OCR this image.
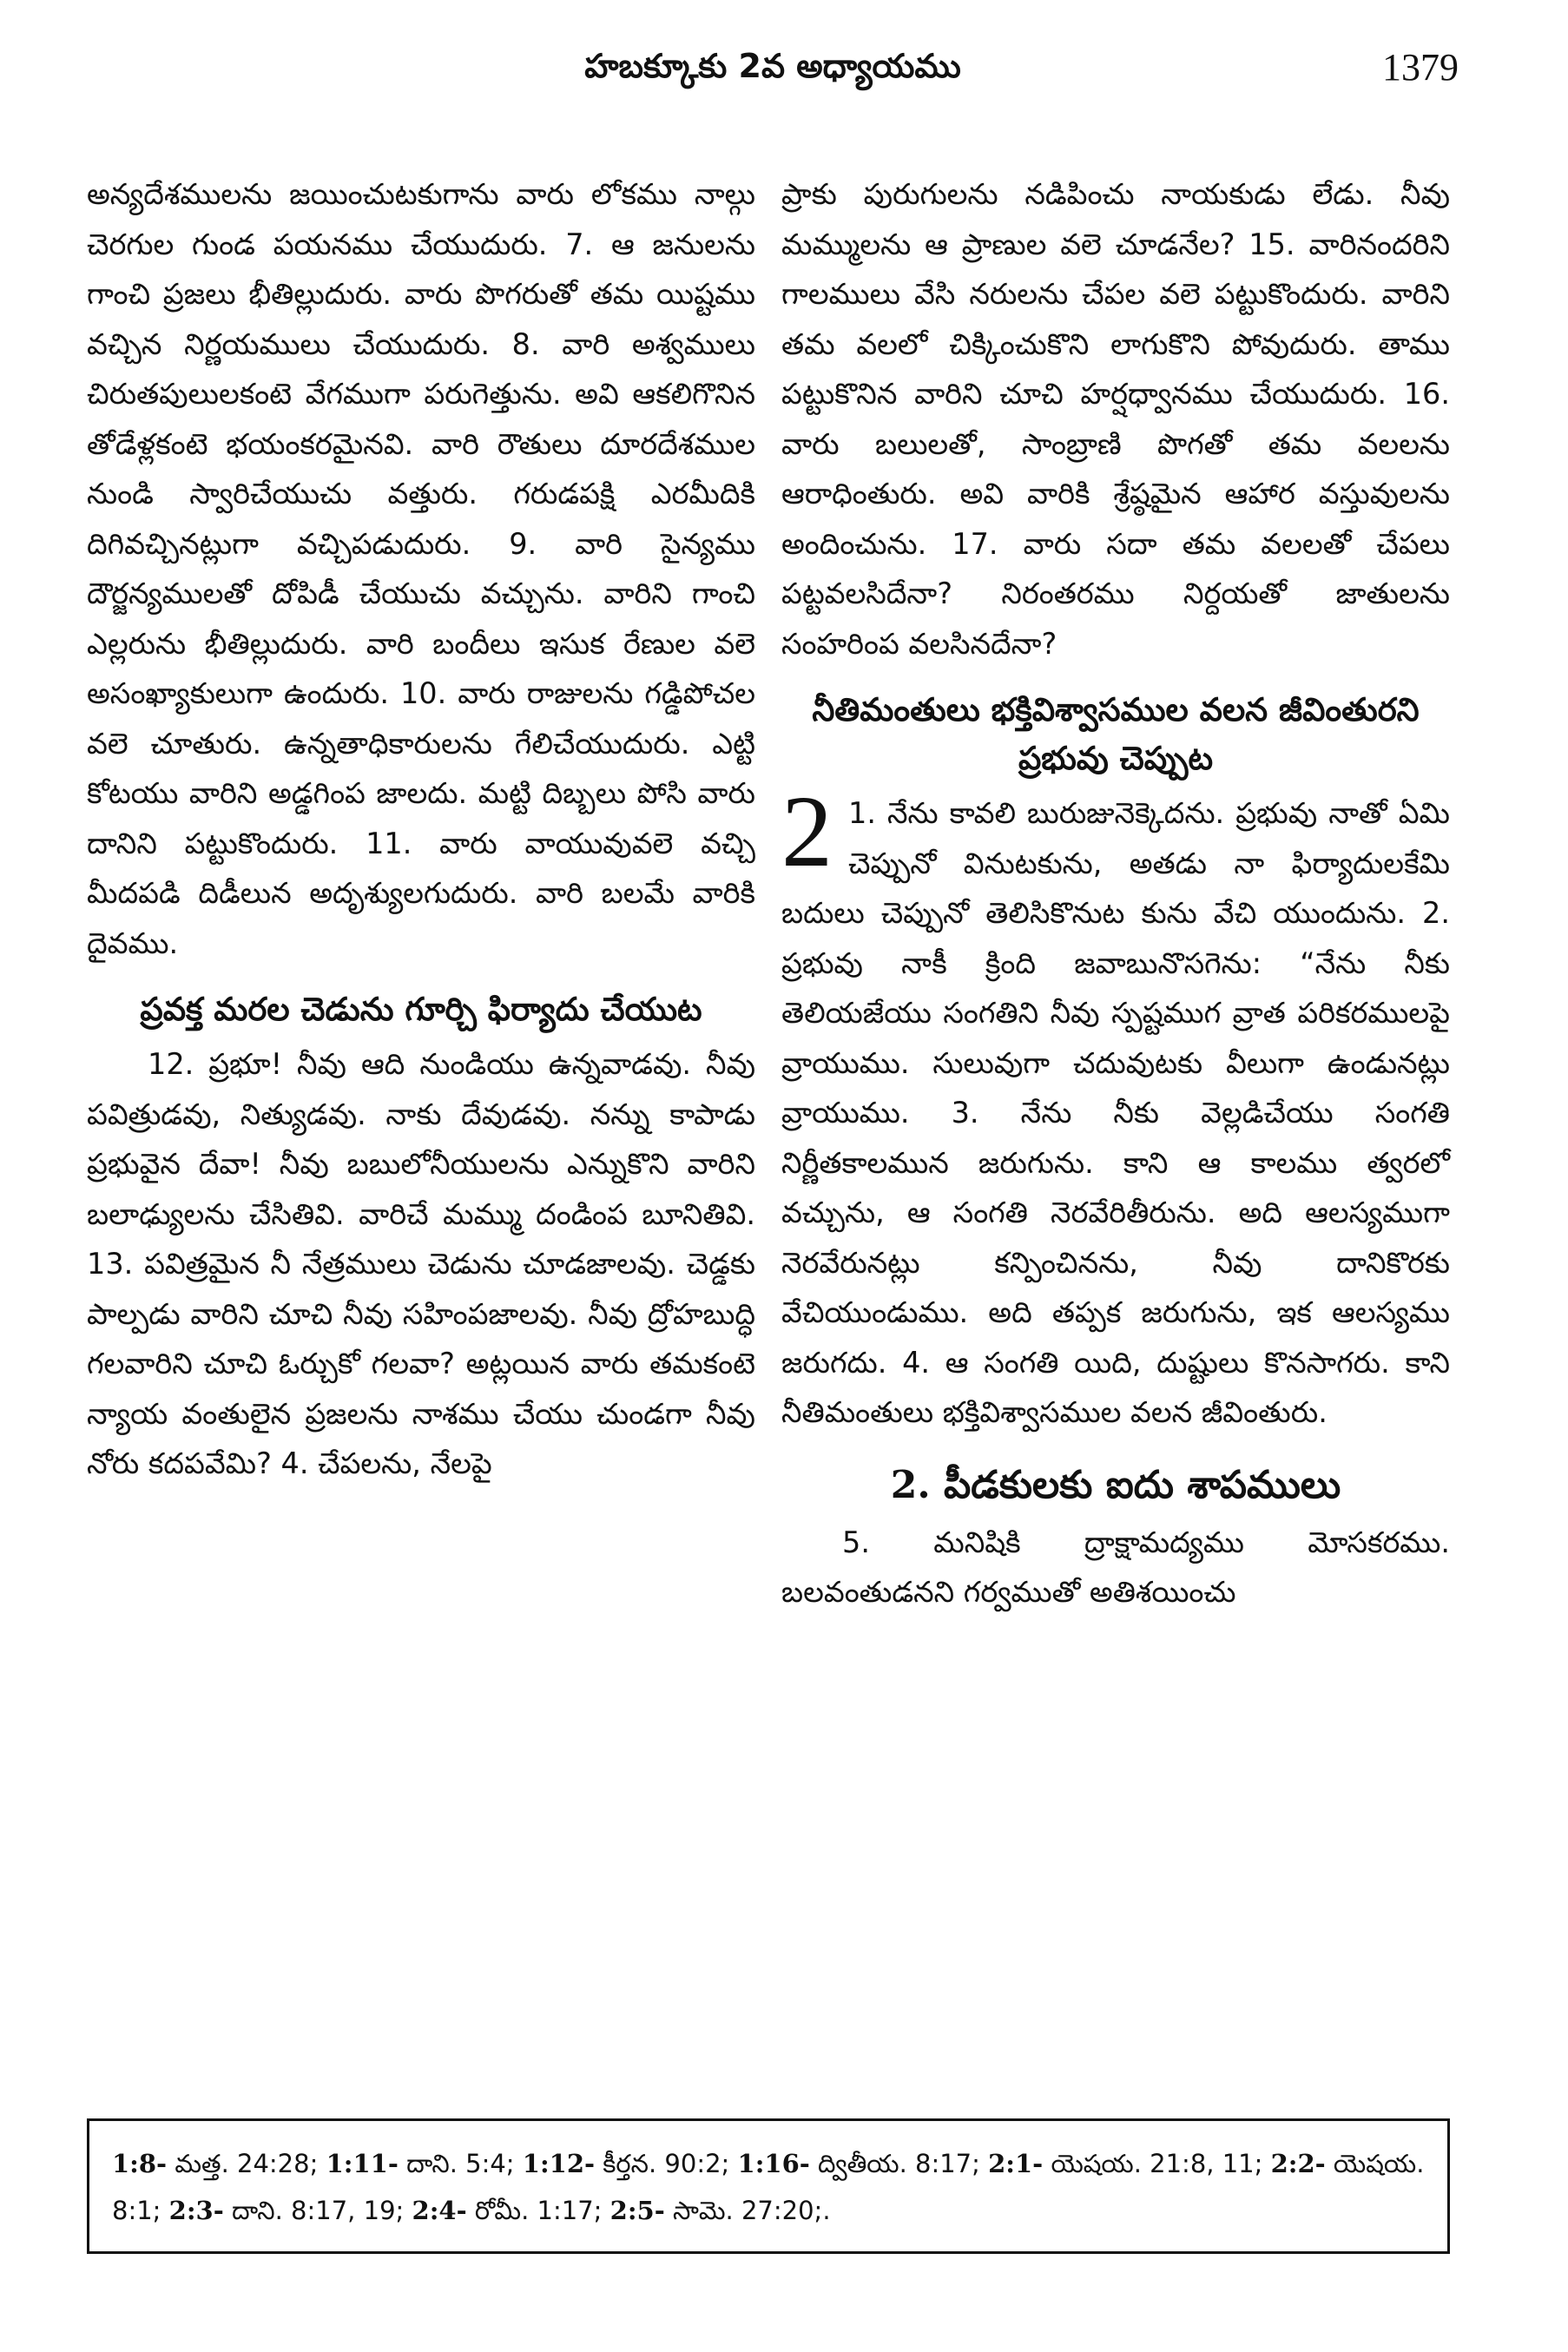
హబక్కూకు 2వ అధ్యాయము	1379

అన్యదేశములను జయించుటకుగాను వారు లోకము నాల్గు చెరగుల గుండ పయనము చేయుదురు. 7. ఆ జనులను గాంచి ప్రజలు భీతిల్లుదురు. వారు పొగరుతో తమ యిష్టము వచ్చిన నిర్ణయములు చేయుదురు. 8. వారి అశ్వములు చిరుతపులులకంటె వేగముగా పరుగెత్తును. అవి ఆకలిగొనిన తోడేళ్లకంటె భయంకరమైనవి. వారి రౌతులు దూరదేశముల నుండి స్వారిచేయుచు వత్తురు. గరుడపక్షి ఎరమీదికి దిగివచ్చినట్లుగా వచ్చిపడుదురు. 9. వారి సైన్యము దౌర్జన్యములతో దోపిడీ చేయుచు వచ్చును. వారిని గాంచి ఎల్లరును భీతిల్లుదురు. వారి బందీలు ఇసుక రేణుల వలె అసంఖ్యాకులుగా ఉందురు. 10. వారు రాజులను గడ్డిపోచల వలె చూతురు. ఉన్నతాధికారులను గేలిచేయుదురు. ఎట్టి కోటయు వారిని అడ్డగింప జాలదు. మట్టి దిబ్బలు పోసి వారు దానిని పట్టుకొందురు. 11. వారు వాయువువలె వచ్చి మీదపడి దిడీలున అదృశ్యులగుదురు. వారి బలమే వారికి దైవము.

ప్రవక్త మరల చెడును గూర్చి ఫిర్యాదు చేయుట

12. ప్రభూ! నీవు ఆది నుండియు ఉన్నవాడవు. నీవు పవిత్రుడవు, నిత్యుడవు. నాకు దేవుడవు. నన్ను కాపాడు ప్రభువైన దేవా! నీవు బబులోనీయులను ఎన్నుకొని వారిని బలాఢ్యులను చేసితివి. వారిచే మమ్ము దండింప బూనితివి. 13. పవిత్రమైన నీ నేత్రములు చెడును చూడజాలవు. చెడ్డకు పాల్పడు వారిని చూచి నీవు సహింపజాలవు. నీవు ద్రోహబుద్ధి గలవారిని చూచి ఓర్చుకో గలవా? అట్లయిన వారు తమకంటె న్యాయ వంతులైన ప్రజలను నాశము చేయు చుండగా నీవు నోరు కదపవేమి? 4. చేపలను, నేలపై

ప్రాకు పురుగులను నడిపించు నాయకుడు లేడు. నీవు మమ్ములను ఆ ప్రాణుల వలె చూడనేల? 15. వారినందరిని గాలములు వేసి నరులను చేపల వలె పట్టుకొందురు. వారిని తమ వలలో చిక్కించుకొని లాగుకొని పోవుదురు. తాము పట్టుకొనిన వారిని చూచి హర్షధ్వానము చేయుదురు. 16. వారు బలులతో, సాంబ్రాణి పొగతో తమ వలలను ఆరాధింతురు. అవి వారికి శ్రేష్ఠమైన ఆహార వస్తువులను అందించును. 17. వారు సదా తమ వలలతో చేపలు పట్టవలసిదేనా? నిరంతరము నిర్దయతో జాతులను సంహరింప వలసినదేనా?

నీతిమంతులు భక్తివిశ్వాసముల వలన జీవింతురని ప్రభువు చెప్పుట

2 1. నేను కావలి బురుజునెక్కెదను. ప్రభువు నాతో ఏమి చెప్పునో వినుటకును, అతడు నా ఫిర్యాదులకేమి బదులు చెప్పునో తెలిసికొనుట కును వేచి యుందును. 2. ప్రభువు నాకీ క్రింది జవాబునొసగెను: “నేను నీకు తెలియజేయు సంగతిని నీవు స్పష్టముగ వ్రాత పరికరములపై వ్రాయుము. సులువుగా చదువుటకు వీలుగా ఉండునట్లు వ్రాయుము. 3. నేను నీకు వెల్లడిచేయు సంగతి నిర్ణీతకాలమున జరుగును. కాని ఆ కాలము త్వరలో వచ్చును, ఆ సంగతి నెరవేరితీరును. అది ఆలస్యముగా నెరవేరునట్లు కన్పించినను, నీవు దానికొరకు వేచియుండుము. అది తప్పక జరుగును, ఇక ఆలస్యము జరుగదు. 4. ఆ సంగతి యిది, దుష్టులు కొనసాగరు. కాని నీతిమంతులు భక్తివిశ్వాసముల వలన జీవింతురు.

2. పీడకులకు ఐదు శాపములు

5. మనిషికి ద్రాక్షామద్యము మోసకరము. బలవంతుడనని గర్వముతో అతిశయించు

1:8- మత్త. 24:28; 1:11- దాని. 5:4; 1:12- కీర్తన. 90:2; 1:16- ద్వితీయ. 8:17; 2:1- యెషయ. 21:8, 11; 2:2- యెషయ. 8:1; 2:3- దాని. 8:17, 19; 2:4- రోమీ. 1:17; 2:5- సామె. 27:20;.
